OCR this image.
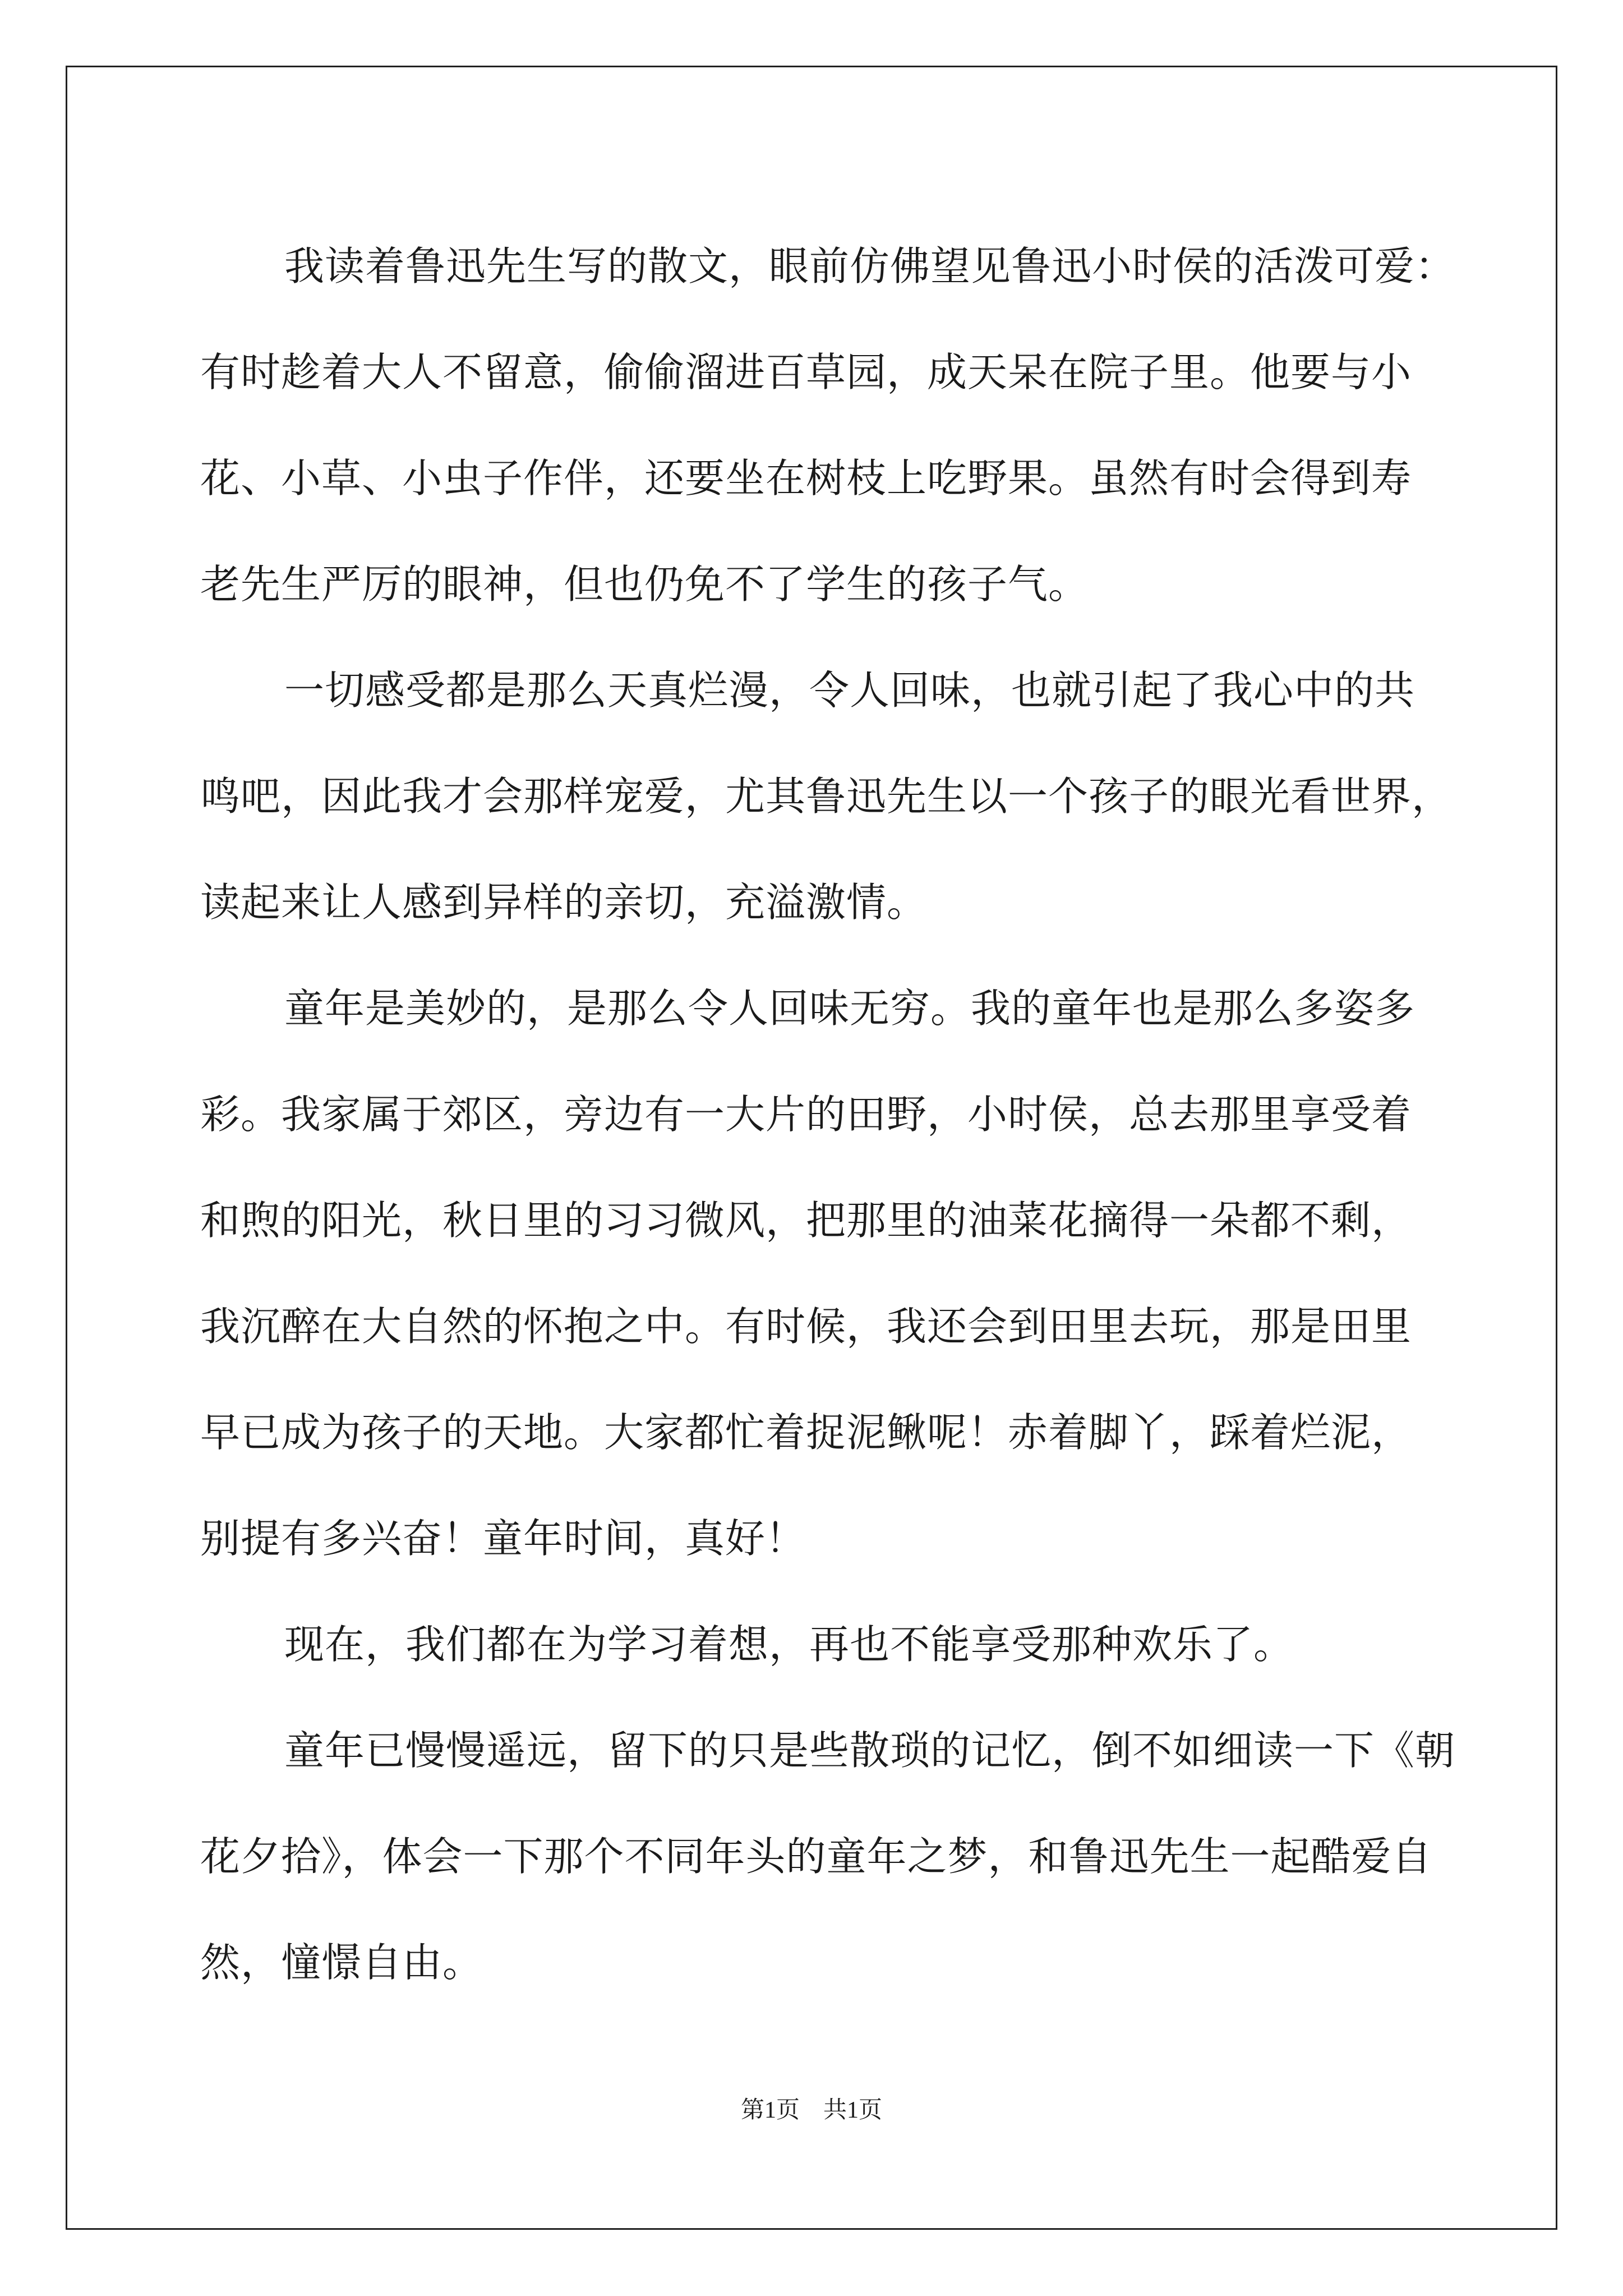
我读着鲁迅先生写的散文，眼前仿佛望见鲁迅小时侯的活泼可爱：
有时趁着大人不留意，偷偷溜进百草园，成天呆在院子里。他要与小
花、小草、小虫子作伴，还要坐在树枝上吃野果。虽然有时会得到寿
老先生严厉的眼神，但也仍免不了学生的孩子气。
一切感受都是那么天真烂漫，令人回味，也就引起了我心中的共
鸣吧，因此我才会那样宠爱，尤其鲁迅先生以一个孩子的眼光看世界，
读起来让人感到异样的亲切，充溢激情。
童年是美妙的，是那么令人回味无穷。我的童年也是那么多姿多
彩。我家属于郊区，旁边有一大片的田野，小时侯，总去那里享受着
和煦的阳光，秋日里的习习微风，把那里的油菜花摘得一朵都不剩，
我沉醉在大自然的怀抱之中。有时候，我还会到田里去玩，那是田里
早已成为孩子的天地。大家都忙着捉泥鳅呢！赤着脚丫，踩着烂泥，
别提有多兴奋！童年时间，真好！
现在，我们都在为学习着想，再也不能享受那种欢乐了。
童年已慢慢遥远，留下的只是些散琐的记忆，倒不如细读一下《朝
花夕拾》，体会一下那个不同年头的童年之梦，和鲁迅先生一起酷爱自
然，憧憬自由。
第1页　共1页
